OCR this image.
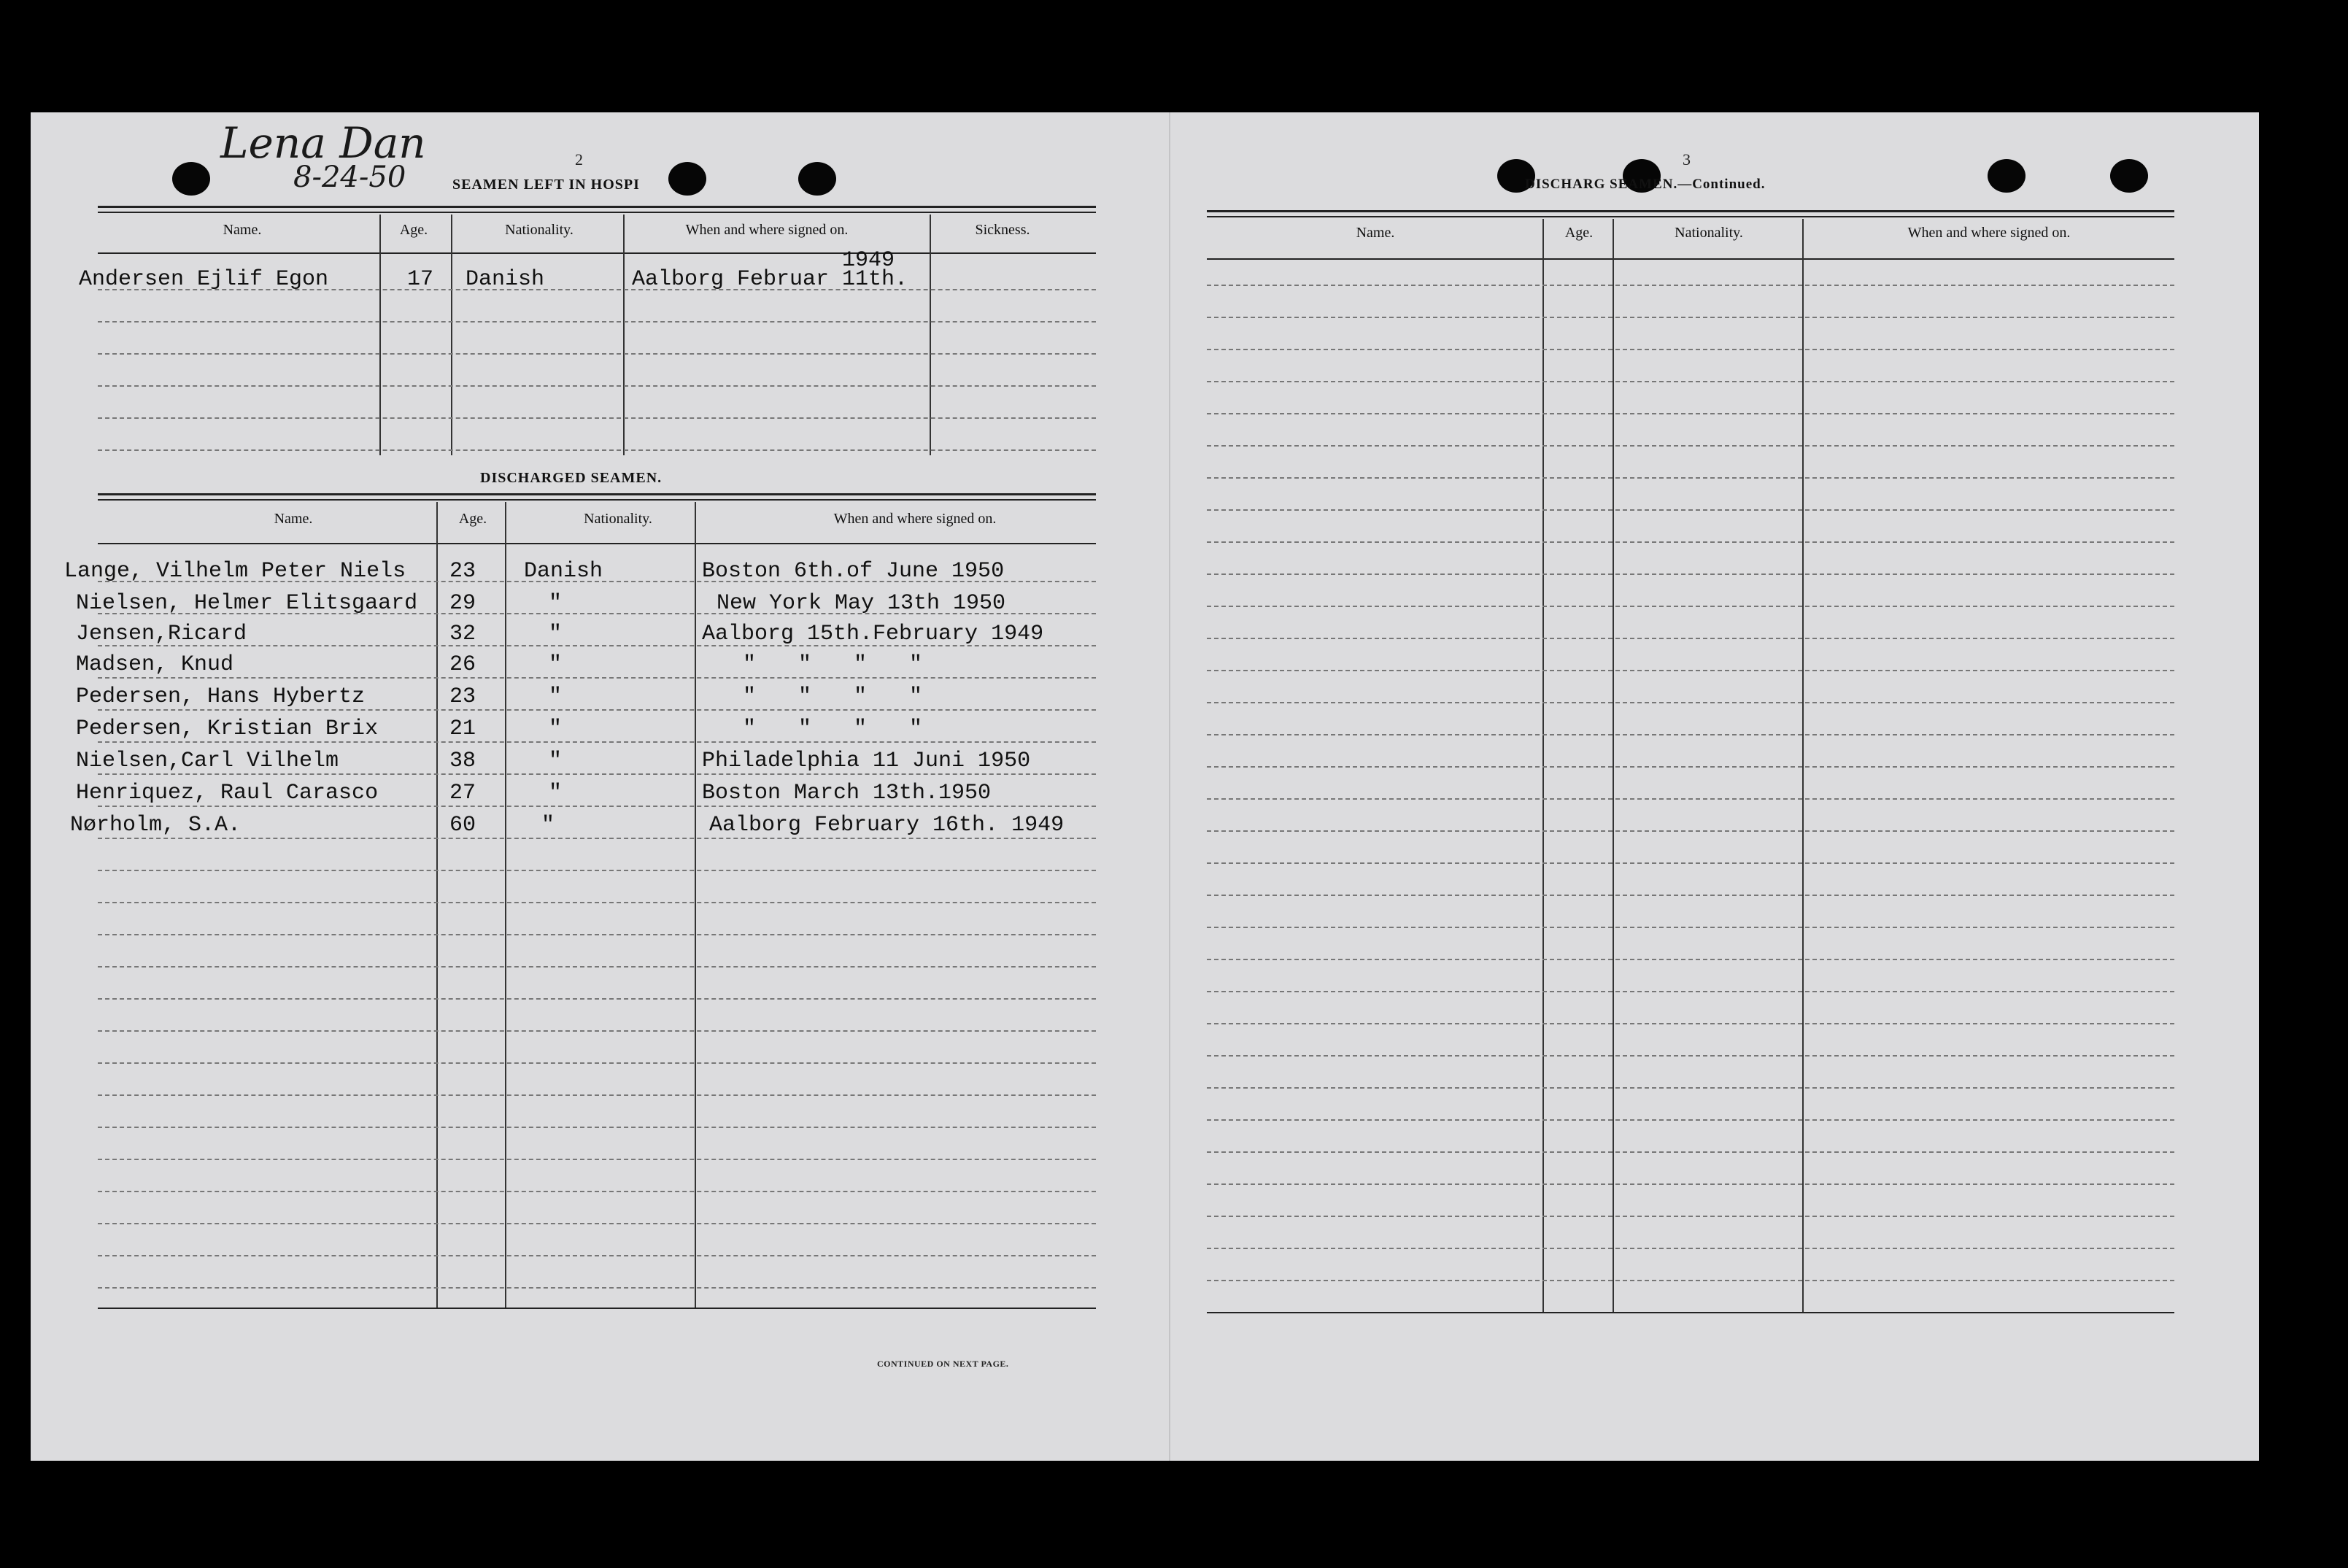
2
SEAMEN LEFT IN HOSPI
Lena Dan
8-24-50
Name.	Age.	Nationality.	When and where signed on.	Sickness.
Andersen Ejlif Egon	17 Danish	Aalborg Februar 11th.
1949
DISCHARGED SEAMEN.
Name.	Age.	Nationality.	When and where signed on.
Lange, Vilhelm Peter Niels 23 Danish	Boston 6th.of June 1950
Nielsen, Helmer Elitsgaard 29	"	New York May 13th 1950
Jensen,Ricard	32	"	Aalborg 15th.February 1949
Madsen, Knud	26	"	" " " "
Pedersen, Hans Hybertz	23	"	" " " "
Pedersen, Kristian Brix	21	"	" " " "
Nielsen,Carl Vilhelm	38	"	Philadelphia 11 Juni 1950
Henriquez, Raul Carasco	27	"	Boston March 13th.1950
Nørholm, S.A.	60	"	Aalborg February 16th. 1949
CONTINUED ON NEXT PAGE.
3
DISCHARG SEAMEN.—Continued.
Name.	Age.	Nationality.	When and where signed on.
